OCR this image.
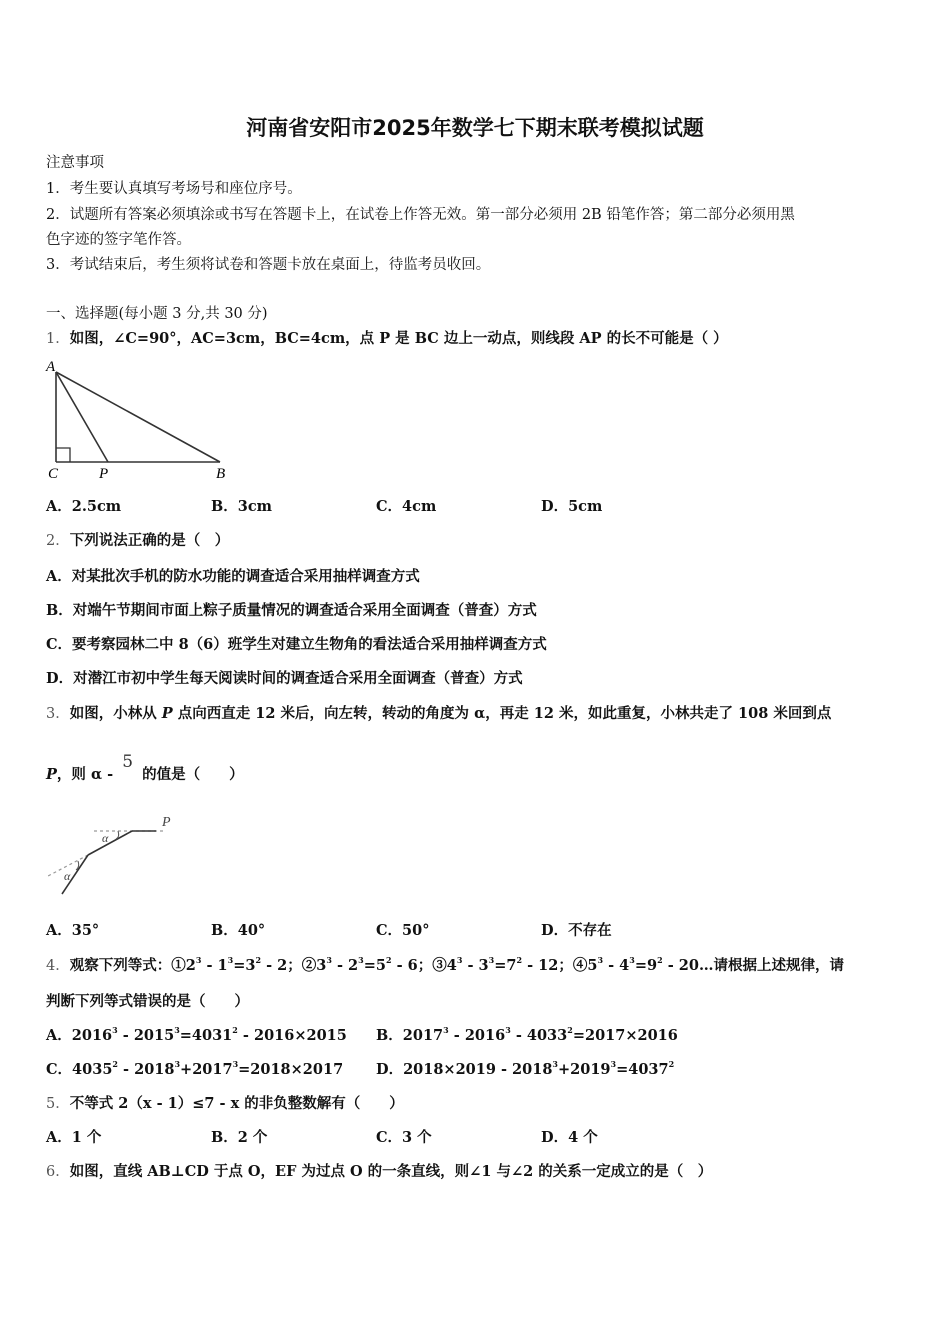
河南省安阳市2025年数学七下期末联考模拟试题
注意事项
1．考生要认真填写考场号和座位序号。
2．试题所有答案必须填涂或书写在答题卡上，在试卷上作答无效。第一部分必须用 2B 铅笔作答；第二部分必须用黑
色字迹的签字笔作答。
3．考试结束后，考生须将试卷和答题卡放在桌面上，待监考员收回。
一、选择题(每小题 3 分,共 30 分)
1．如图，∠C=90°，AC=3cm，BC=4cm，点 P 是 BC 边上一动点，则线段 AP 的长不可能是（ ）
A
C	P	B
A．2.5cm	B．3cm	C．4cm	D．5cm
2．下列说法正确的是（　）
A．对某批次手机的防水功能的调查适合采用抽样调查方式
B．对端午节期间市面上粽子质量情况的调查适合采用全面调查（普查）方式
C．要考察园林二中 8（6）班学生对建立生物角的看法适合采用抽样调查方式
D．对潜江市初中学生每天阅读时间的调查适合采用全面调查（普查）方式
3．如图，小林从 P 点向西直走 12 米后，向左转，转动的角度为 α，再走 12 米，如此重复，小林共走了 108 米回到点
P，则 α - 5 的值是（　　）
P
α
α
A．35°	B．40°	C．50°	D．不存在
4．观察下列等式：$①2^3 - 1^3=3^2 - 2$；$②3^3 - 2^3=5^2 - 6$；$③4^3 - 3^3=7^2 - 12$；$④5^3 - 4^3=9^2$ - 20…请根据上述规律，请
判断下列等式错误的是（　　）
A．$2016^3 - 2015^3=4031^2 - 2016\times 2015$ B．$2017^3 - 2016^3 - 4033^2=2017\times 2016$
C．$4035^2 - 2018^3+2017^3=2018\times 2017$ D．$2018\times 2019 - 2018^3+2019^3=4037^2$
5．不等式 2（x - 1）≤7 - x 的非负整数解有（　　）
A．1 个	B．2 个	C．3 个	D．4 个
6．如图，直线 AB⊥CD 于点 O，EF 为过点 O 的一条直线，则∠1 与∠2 的关系一定成立的是（　）
